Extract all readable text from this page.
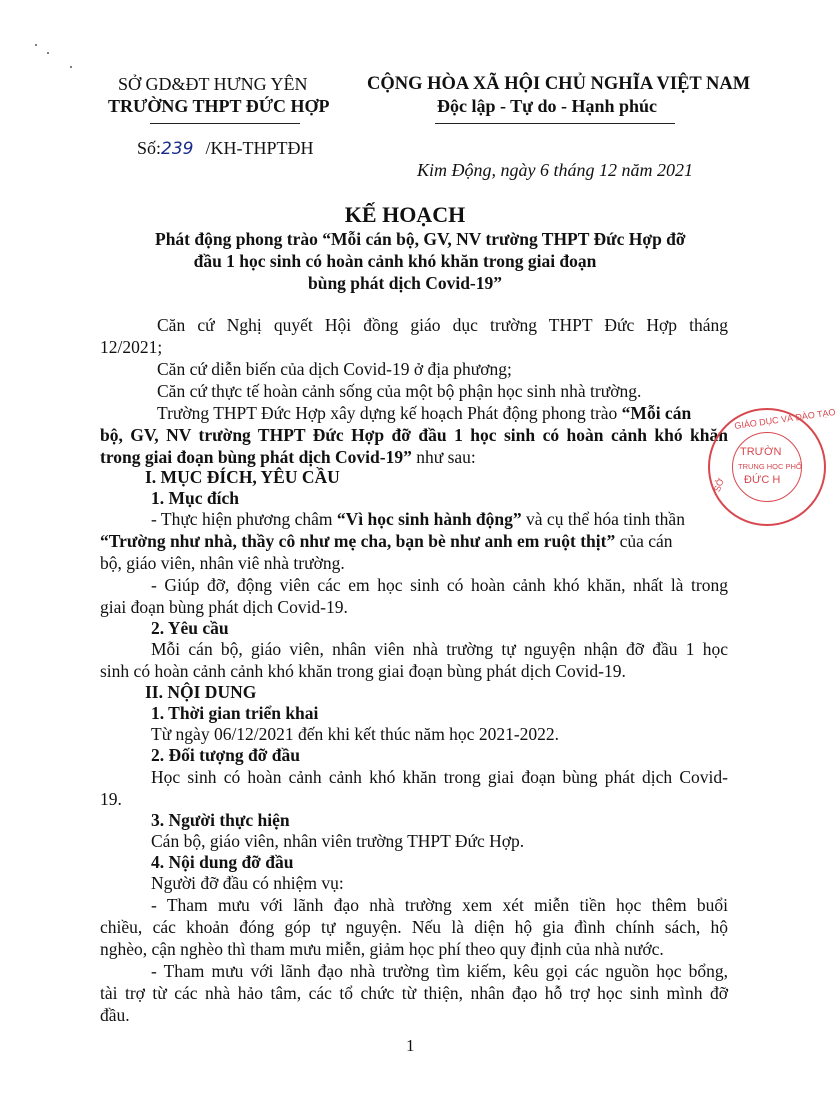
SỞ GD&ĐT HƯNG YÊN
TRƯỜNG THPT ĐỨC HỢP
CỘNG HÒA XÃ HỘI CHỦ NGHĨA VIỆT NAM
Độc lập - Tự do - Hạnh phúc
Số:239 /KH-THPTĐH
Kim Động, ngày 6 tháng 12 năm 2021
KẾ HOẠCH
Phát động phong trào “Mỗi cán bộ, GV, NV trường THPT Đức Hợp đỡ
đầu 1 học sinh có hoàn cảnh khó khăn trong giai đoạn
bùng phát dịch Covid-19”
Căn cứ Nghị quyết Hội đồng giáo dục trường THPT Đức Hợp tháng
12/2021;
Căn cứ diễn biến của dịch Covid-19 ở địa phương;
Căn cứ thực tế hoàn cảnh sống của một bộ phận học sinh nhà trường.
Trường THPT Đức Hợp xây dựng kế hoạch Phát động phong trào “Mỗi cán
bộ, GV, NV trường THPT Đức Hợp đỡ đầu 1 học sinh có hoàn cảnh khó khăn
trong giai đoạn bùng phát dịch Covid-19” như sau:
I. MỤC ĐÍCH, YÊU CẦU
1. Mục đích
- Thực hiện phương châm “Vì học sinh hành động” và cụ thể hóa tinh thần
“Trường như nhà, thầy cô như mẹ cha, bạn bè như anh em ruột thịt” của cán
bộ, giáo viên, nhân viê nhà trường.
- Giúp đỡ, động viên các em học sinh có hoàn cảnh khó khăn, nhất là trong
giai đoạn bùng phát dịch Covid-19.
2. Yêu cầu
Mỗi cán bộ, giáo viên, nhân viên nhà trường tự nguyện nhận đỡ đầu 1 học
sinh có hoàn cảnh cảnh khó khăn trong giai đoạn bùng phát dịch Covid-19.
II. NỘI DUNG
1. Thời gian triển khai
Từ ngày 06/12/2021 đến khi kết thúc năm học 2021-2022.
2. Đối tượng đỡ đầu
Học sinh có hoàn cảnh cảnh khó khăn trong giai đoạn bùng phát dịch Covid-
19.
3. Người thực hiện
Cán bộ, giáo viên, nhân viên trường THPT Đức Hợp.
4. Nội dung đỡ đầu
Người đỡ đầu có nhiệm vụ:
- Tham mưu với lãnh đạo nhà trường xem xét miễn tiền học thêm buổi
chiều, các khoản đóng góp tự nguyện. Nếu là diện hộ gia đình chính sách, hộ
nghèo, cận nghèo thì tham mưu miễn, giảm học phí theo quy định của nhà nước.
- Tham mưu với lãnh đạo nhà trường tìm kiếm, kêu gọi các nguồn học bổng,
tài trợ từ các nhà hảo tâm, các tổ chức từ thiện, nhân đạo hỗ trợ học sinh mình đỡ
đầu.
1
GIÁO DỤC VÀ ĐÀO TẠO
SỞ
TRƯỜN
TRUNG HỌC PHỔ
ĐỨC H
